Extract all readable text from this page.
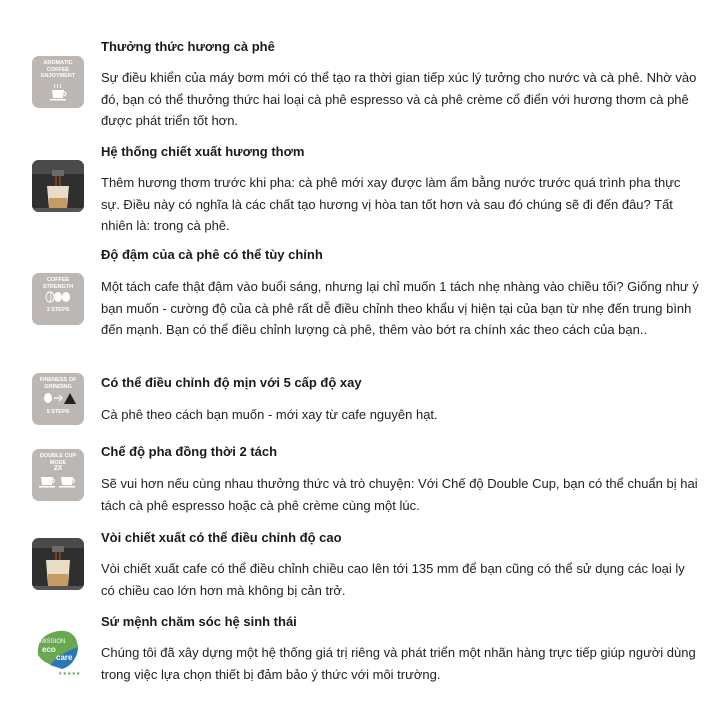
AROMATIC
COFFEE
ENJOYMENT
Thưởng thức hương cà phê
Sự điều khiển của máy bơm mới có thể tạo ra thời gian tiếp xúc lý tưởng cho nước và cà phê. Nhờ vào đó, bạn có thể thưởng thức hai loại cà phê espresso và cà phê crème cổ điển với hương thơm cà phê được phát triển tốt hơn.
Hệ thống chiết xuất hương thơm
Thêm hương thơm trước khi pha: cà phê mới xay được làm ẩm bằng nước trước quá trình pha thực sự. Điều này có nghĩa là các chất tạo hương vị hòa tan tốt hơn và sau đó chúng sẽ đi đến đâu? Tất nhiên là: trong cà phê.
COFFEE
STRENGTH
3 STEPS
Độ đậm của cà phê có thể tùy chỉnh
Một tách cafe thật đậm vào buổi sáng, nhưng lại chỉ muốn 1 tách nhẹ nhàng vào chiều tối? Giống như ý bạn muốn - cường độ của cà phê rất dễ điều chỉnh theo khẩu vị hiện tại của bạn từ nhẹ đến trung bình đến mạnh. Bạn có thể điều chỉnh lượng cà phê, thêm vào bớt ra chính xác theo cách của bạn..
FINENESS OF
GRINDING
5 STEPS
Có thể điều chỉnh độ mịn với 5 cấp độ xay
Cà phê theo cách bạn muốn - mới xay từ cafe nguyên hạt.
DOUBLE CUP
MODE
2X
Chế độ pha đồng thời 2 tách
Sẽ vui hơn nếu cùng nhau thưởng thức và trò chuyện: Với Chế độ Double Cup, bạn có thể chuẩn bị hai tách cà phê espresso hoặc cà phê crème cùng một lúc.
Vòi chiết xuất có thể điều chỉnh độ cao
Vòi chiết xuất cafe có thể điều chỉnh chiều cao lên tới 135 mm để bạn cũng có thể sử dụng các loại ly có chiều cao lớn hơn mà không bị cản trở.
MISSION
eco
care
★★★★★
Sứ mệnh chăm sóc hệ sinh thái
Chúng tôi đã xây dựng một hệ thống giá trị riêng và phát triển một nhãn hàng trực tiếp giúp người dùng trong việc lựa chọn thiết bị đảm bảo ý thức với môi trường.
